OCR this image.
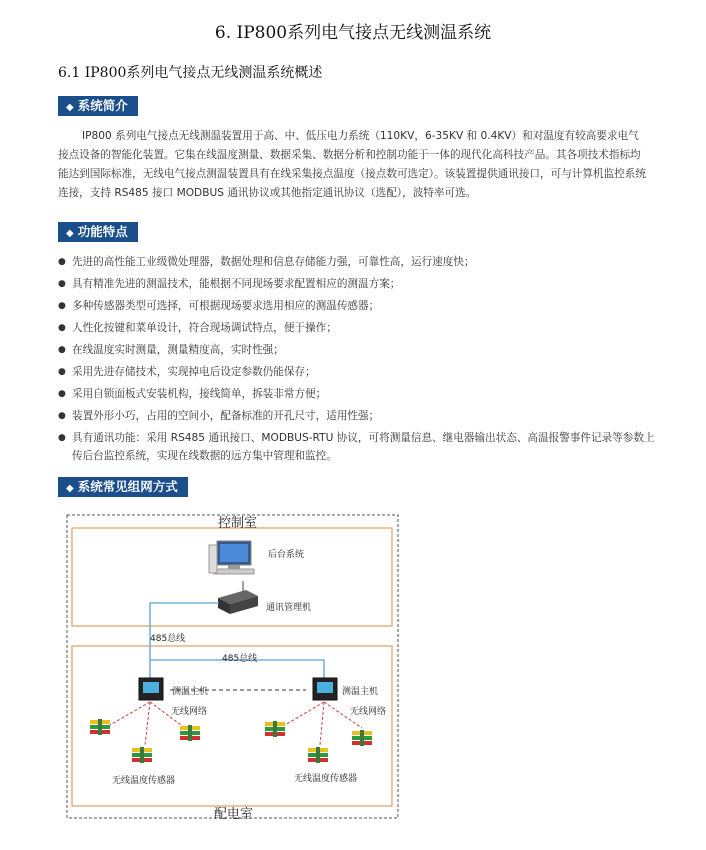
6. IP800系列电气接点无线测温系统
6.1 IP800系列电气接点无线测温系统概述
◆ 系统简介
IP800 系列电气接点无线测温装置用于高、中、低压电力系统（110KV，6-35KV 和 0.4KV）和对温度有较高要求电气接点设备的智能化装置。它集在线温度测量、数据采集、数据分析和控制功能于一体的现代化高科技产品。其各项技术指标均能达到国际标准，无线电气接点测温装置具有在线采集接点温度（接点数可选定）。该装置提供通讯接口，可与计算机监控系统连接，支持 RS485 接口 MODBUS 通讯协议或其他指定通讯协议（选配），波特率可选。
◆ 功能特点
● 先进的高性能工业级微处理器，数据处理和信息存储能力强，可靠性高，运行速度快；
● 具有精准先进的测温技术，能根据不同现场要求配置相应的测温方案；
● 多种传感器类型可选择，可根据现场要求选用相应的测温传感器；
● 人性化按键和菜单设计，符合现场调试特点，便于操作；
● 在线温度实时测量，测量精度高，实时性强；
● 采用先进存储技术，实现掉电后设定参数仍能保存；
● 采用自锁面板式安装机构，接线简单，拆装非常方便；
● 装置外形小巧，占用的空间小，配备标准的开孔尺寸，适用性强；
● 具有通讯功能：采用 RS485 通讯接口、MODBUS-RTU 协议，可将测量信息、继电器输出状态、高温报警事件记录等参数上传后台监控系统，实现在线数据的远方集中管理和监控。
◆ 系统常见组网方式
控制室
配电室
后台系统
通讯管理机
485总线
485总线
测温主机	测温主机
无线网络	无线网络
无线温度传感器	无线温度传感器
